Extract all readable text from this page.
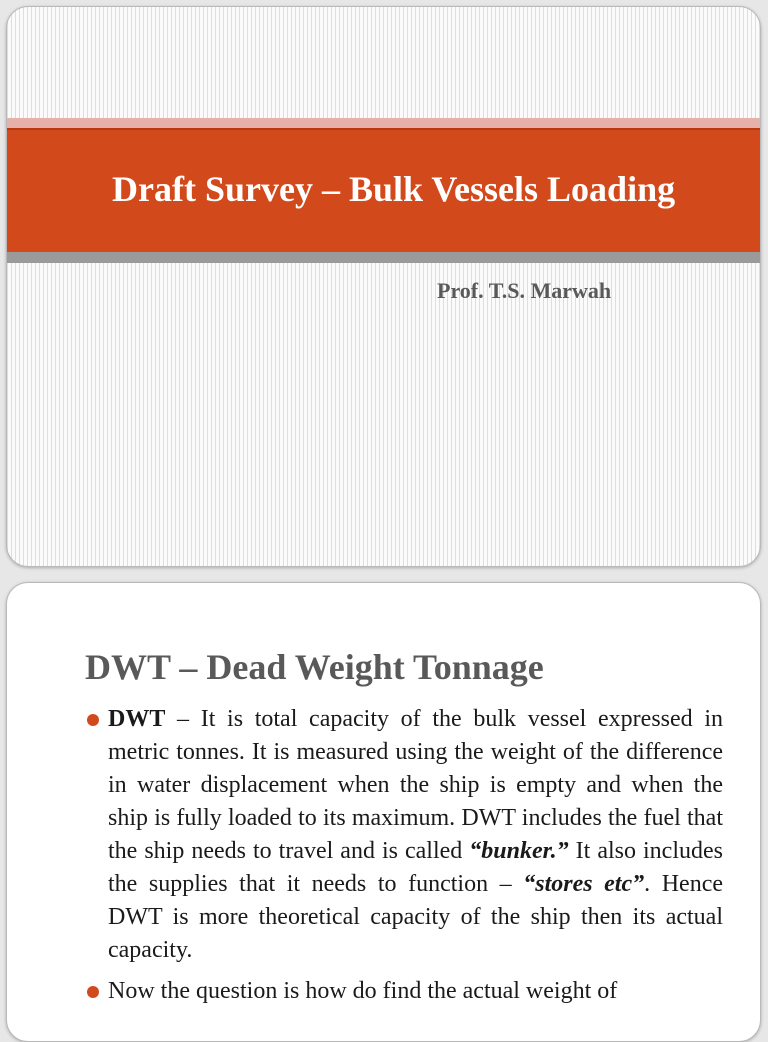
Draft Survey – Bulk Vessels Loading

Prof. T.S. Marwah

DWT – Dead Weight Tonnage
DWT – It is total capacity of the bulk vessel expressed in metric tonnes. It is measured using the weight of the difference in water displacement when the ship is empty and when the ship is fully loaded to its maximum. DWT includes the fuel that the ship needs to travel and is called “bunker.” It also includes the supplies that it needs to function – “stores etc”. Hence DWT is more theoretical capacity of the ship then its actual capacity.
Now the question is how do find the actual weight of
